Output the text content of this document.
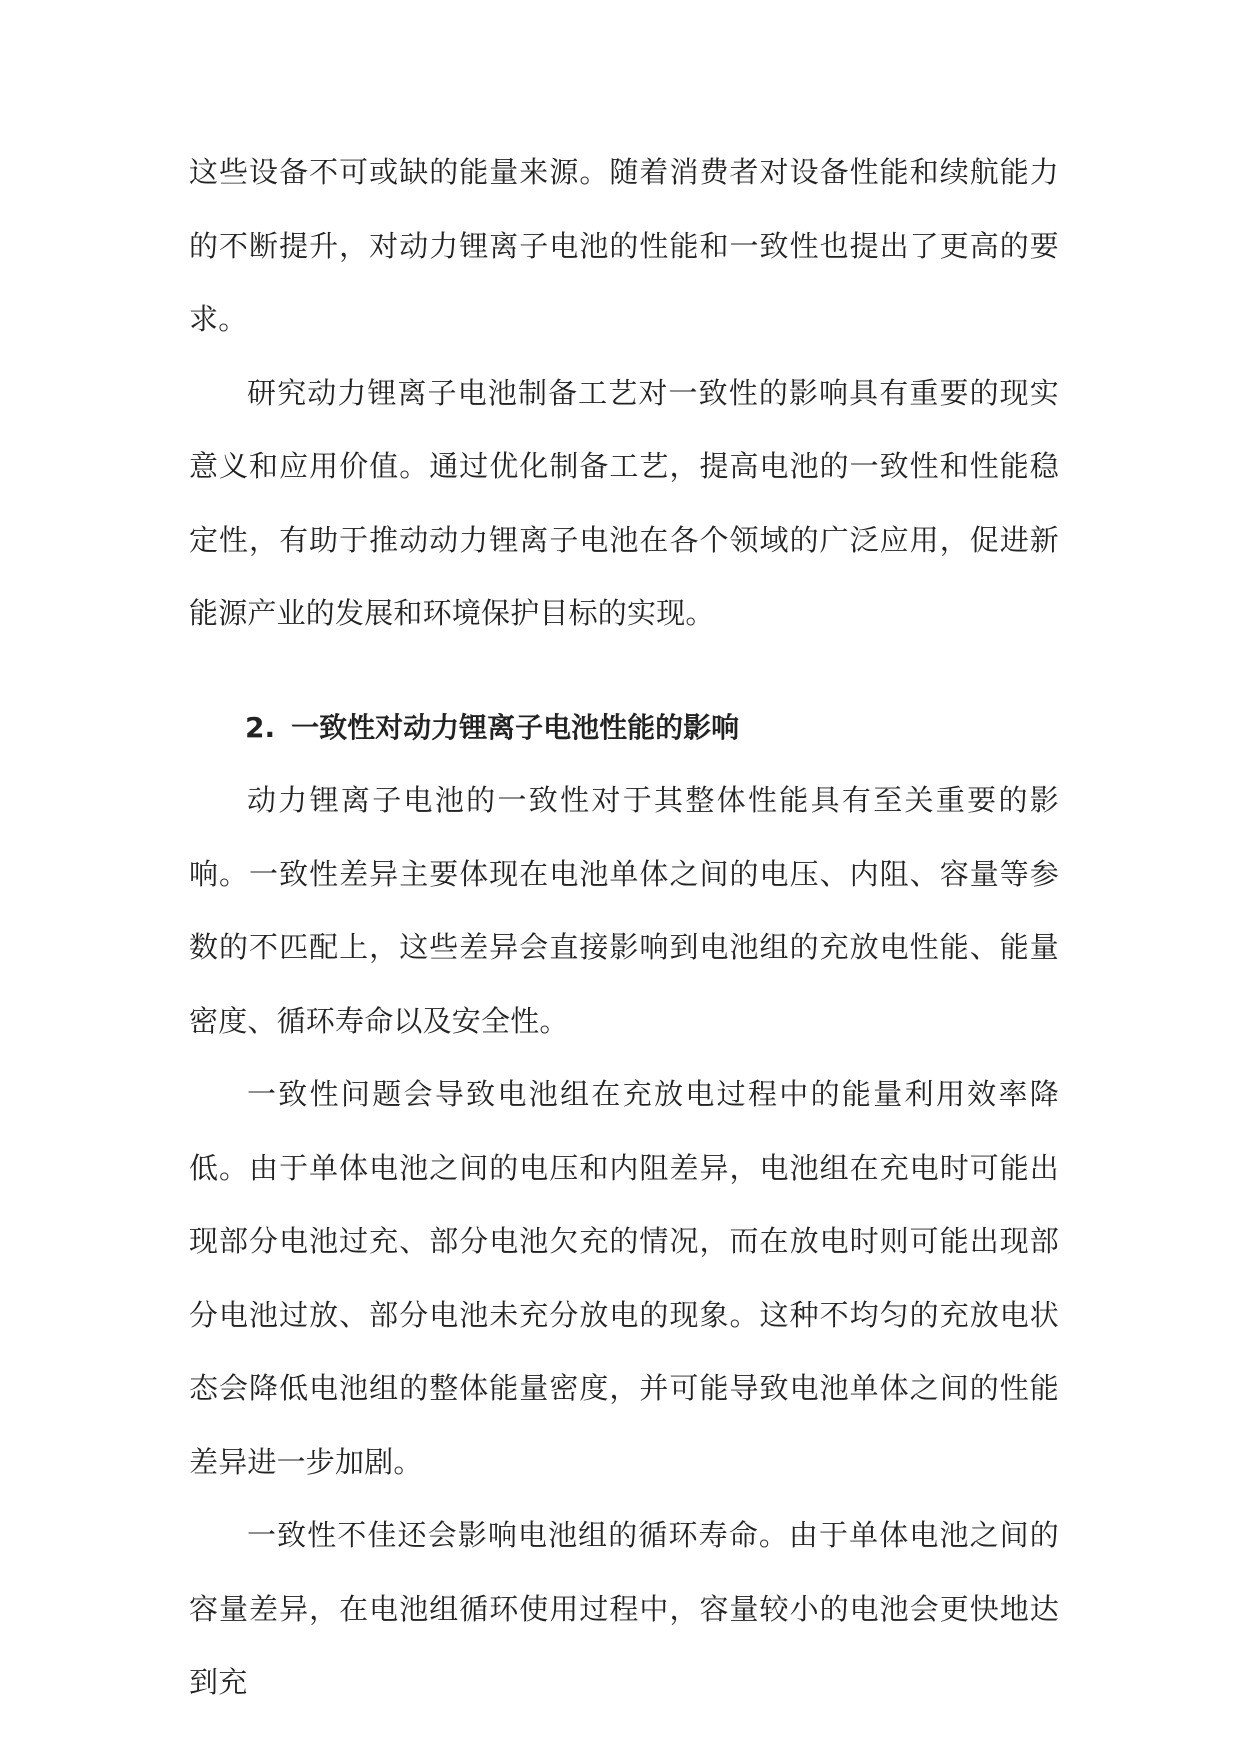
这些设备不可或缺的能量来源。随着消费者对设备性能和续航能力的不断提升，对动力锂离子电池的性能和一致性也提出了更高的要求。

研究动力锂离子电池制备工艺对一致性的影响具有重要的现实意义和应用价值。通过优化制备工艺，提高电池的一致性和性能稳定性，有助于推动动力锂离子电池在各个领域的广泛应用，促进新能源产业的发展和环境保护目标的实现。

2. 一致性对动力锂离子电池性能的影响

动力锂离子电池的一致性对于其整体性能具有至关重要的影响。一致性差异主要体现在电池单体之间的电压、内阻、容量等参数的不匹配上，这些差异会直接影响到电池组的充放电性能、能量密度、循环寿命以及安全性。

一致性问题会导致电池组在充放电过程中的能量利用效率降低。由于单体电池之间的电压和内阻差异，电池组在充电时可能出现部分电池过充、部分电池欠充的情况，而在放电时则可能出现部分电池过放、部分电池未充分放电的现象。这种不均匀的充放电状态会降低电池组的整体能量密度，并可能导致电池单体之间的性能差异进一步加剧。

一致性不佳还会影响电池组的循环寿命。由于单体电池之间的容量差异，在电池组循环使用过程中，容量较小的电池会更快地达到充
